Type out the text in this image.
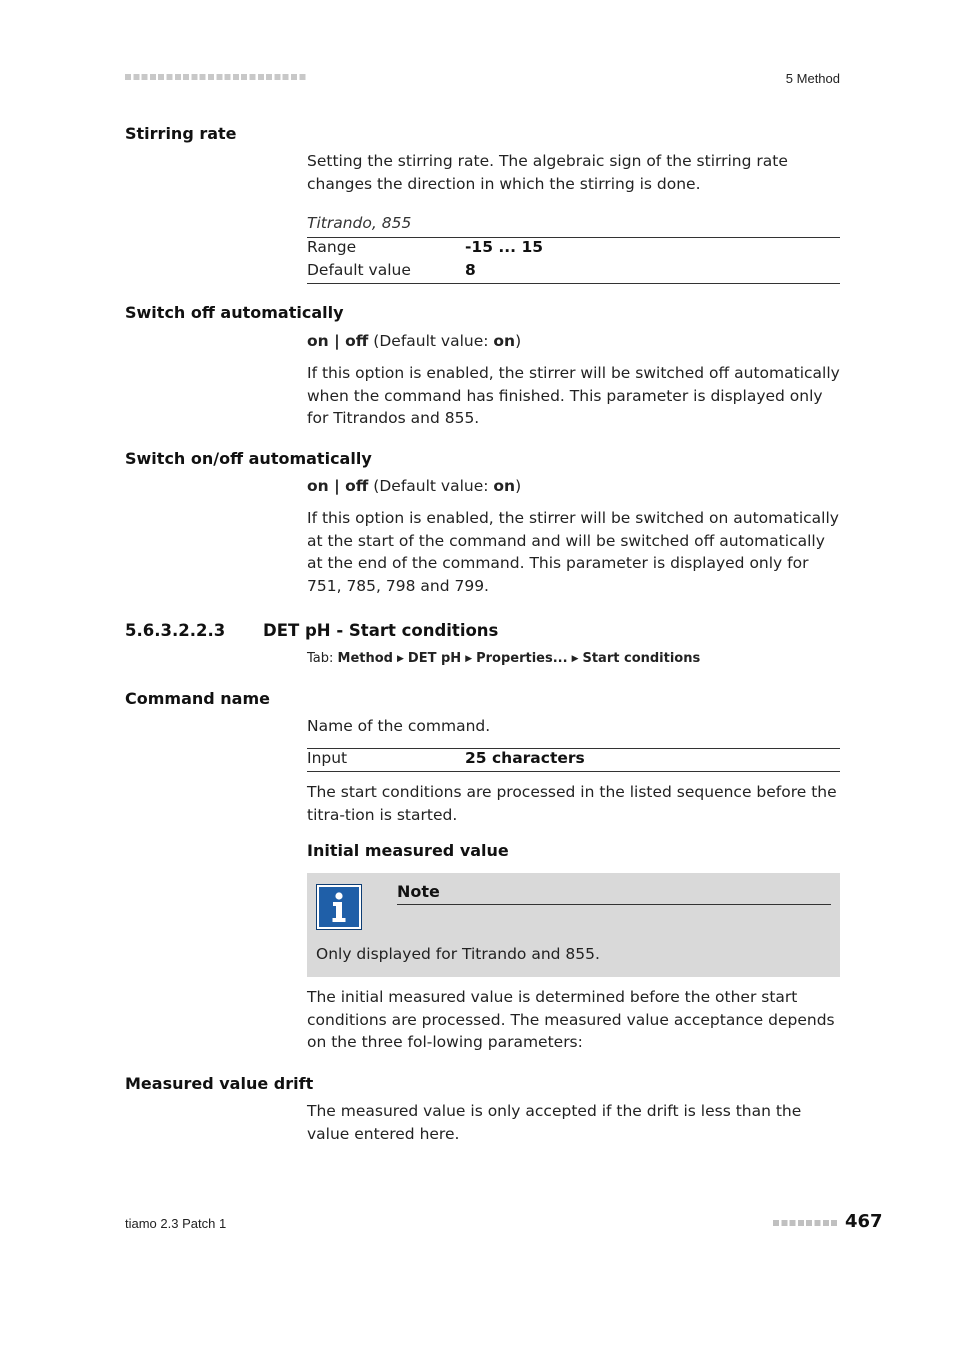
5 Method
Stirring rate
Setting the stirring rate. The algebraic sign of the stirring rate changes the direction in which the stirring is done.
Titrando, 855
Range	-15 ... 15
Default value	8
Switch off automatically
on | off (Default value: on)
If this option is enabled, the stirrer will be switched off automatically when the command has finished. This parameter is displayed only for Titrandos and 855.
Switch on/off automatically
on | off (Default value: on)
If this option is enabled, the stirrer will be switched on automatically at the start of the command and will be switched off automatically at the end of the command. This parameter is displayed only for 751, 785, 798 and 799.
5.6.3.2.2.3 DET pH - Start conditions
Tab: Method ▶ DET pH ▶ Properties... ▶ Start conditions
Command name
Name of the command.
Input	25 characters
The start conditions are processed in the listed sequence before the titra-tion is started.
Initial measured value
Note
Only displayed for Titrando and 855.
The initial measured value is determined before the other start conditions are processed. The measured value acceptance depends on the three fol-lowing parameters:
Measured value drift
The measured value is only accepted if the drift is less than the value entered here.
tiamo 2.3 Patch 1	467
